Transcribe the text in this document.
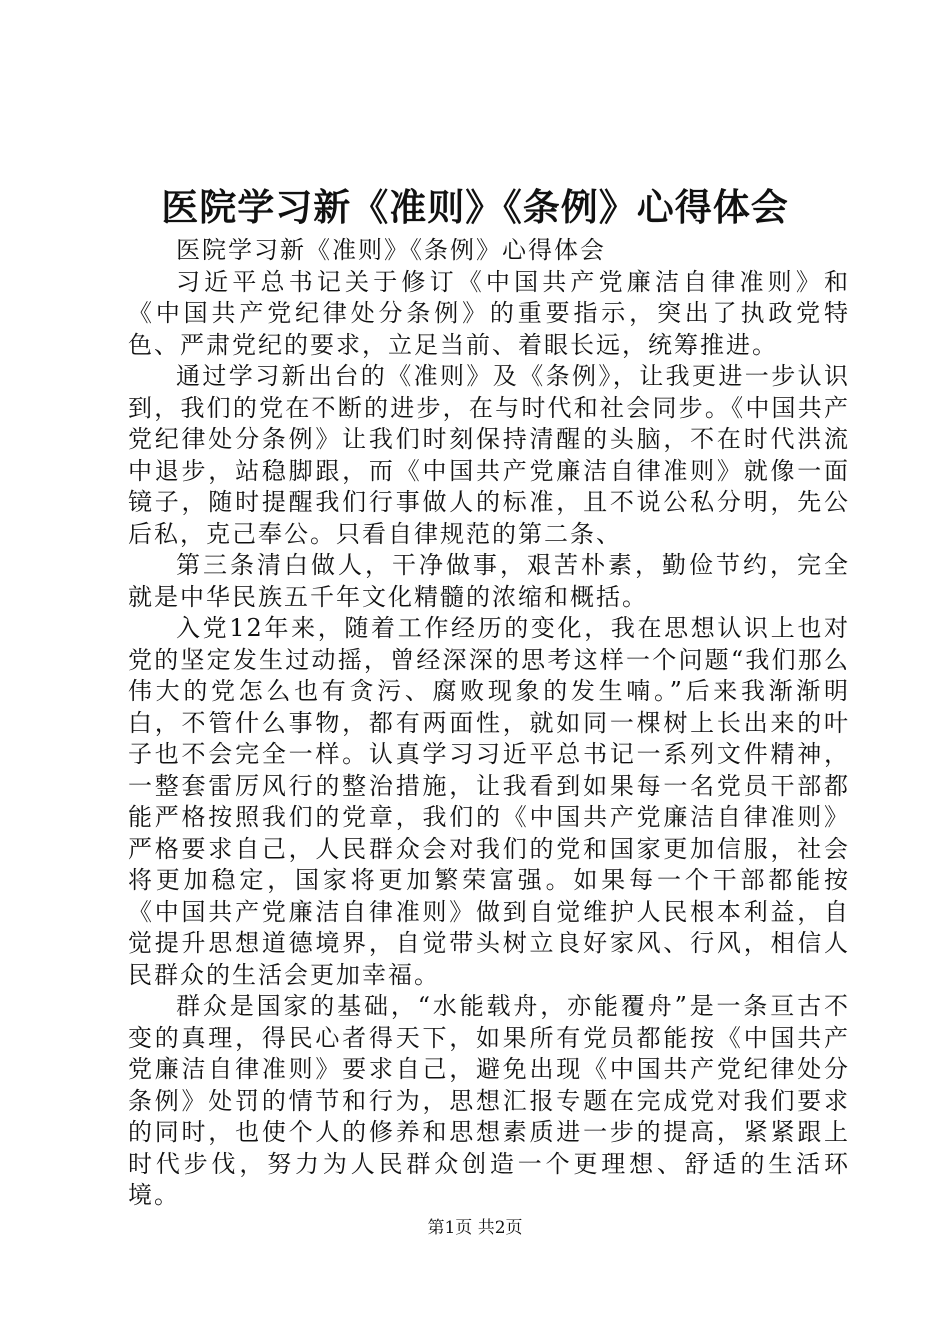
医院学习新《准则》《条例》心得体会

医院学习新《准则》《条例》心得体会

习近平总书记关于修订《中国共产党廉洁自律准则》和《中国共产党纪律处分条例》的重要指示，突出了执政党特色、严肃党纪的要求，立足当前、着眼长远，统筹推进。

通过学习新出台的《准则》及《条例》，让我更进一步认识到，我们的党在不断的进步，在与时代和社会同步。《中国共产党纪律处分条例》让我们时刻保持清醒的头脑，不在时代洪流中退步，站稳脚跟，而《中国共产党廉洁自律准则》就像一面镜子，随时提醒我们行事做人的标准，且不说公私分明，先公后私，克己奉公。只看自律规范的第二条、

第三条清白做人，干净做事，艰苦朴素，勤俭节约，完全就是中华民族五千年文化精髓的浓缩和概括。

入党12年来，随着工作经历的变化，我在思想认识上也对党的坚定发生过动摇，曾经深深的思考这样一个问题“我们那么伟大的党怎么也有贪污、腐败现象的发生喃。”后来我渐渐明白，不管什么事物，都有两面性，就如同一棵树上长出来的叶子也不会完全一样。认真学习习近平总书记一系列文件精神，一整套雷厉风行的整治措施，让我看到如果每一名党员干部都能严格按照我们的党章，我们的《中国共产党廉洁自律准则》严格要求自己，人民群众会对我们的党和国家更加信服，社会将更加稳定，国家将更加繁荣富强。如果每一个干部都能按《中国共产党廉洁自律准则》做到自觉维护人民根本利益，自觉提升思想道德境界，自觉带头树立良好家风、行风，相信人民群众的生活会更加幸福。

群众是国家的基础，“水能载舟，亦能覆舟”是一条亘古不变的真理，得民心者得天下，如果所有党员都能按《中国共产党廉洁自律准则》要求自己，避免出现《中国共产党纪律处分条例》处罚的情节和行为，思想汇报专题在完成党对我们要求的同时，也使个人的修养和思想素质进一步的提高，紧紧跟上时代步伐，努力为人民群众创造一个更理想、舒适的生活环境。

第1页 共2页
